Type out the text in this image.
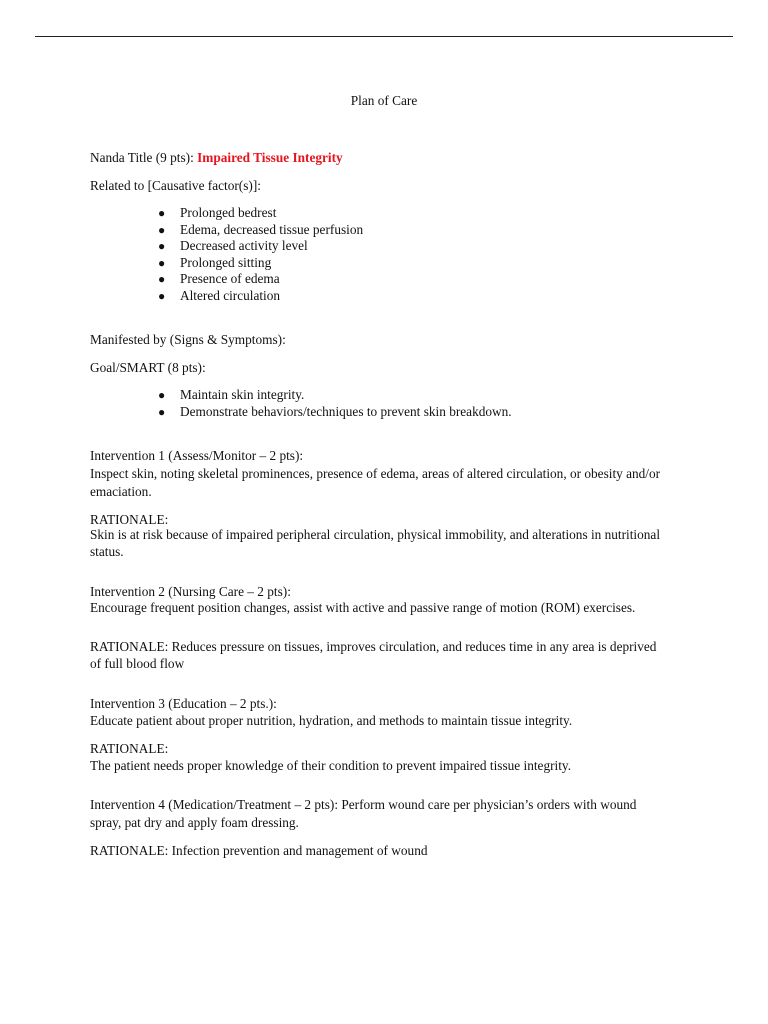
Plan of Care
Nanda Title (9 pts): Impaired Tissue Integrity
Related to [Causative factor(s)]:
● Prolonged bedrest
● Edema, decreased tissue perfusion
● Decreased activity level
● Prolonged sitting
● Presence of edema
● Altered circulation
Manifested by (Signs & Symptoms):
Goal/SMART (8 pts):
● Maintain skin integrity.
● Demonstrate behaviors/techniques to prevent skin breakdown.
Intervention 1 (Assess/Monitor – 2 pts):
Inspect skin, noting skeletal prominences, presence of edema, areas of altered circulation, or obesity and/or emaciation.
RATIONALE:
Skin is at risk because of impaired peripheral circulation, physical immobility, and alterations in nutritional status.
Intervention 2 (Nursing Care – 2 pts):
Encourage frequent position changes, assist with active and passive range of motion (ROM) exercises.
RATIONALE: Reduces pressure on tissues, improves circulation, and reduces time in any area is deprived of full blood flow
Intervention 3 (Education – 2 pts.):
Educate patient about proper nutrition, hydration, and methods to maintain tissue integrity.
RATIONALE:
The patient needs proper knowledge of their condition to prevent impaired tissue integrity.
Intervention 4 (Medication/Treatment – 2 pts): Perform wound care per physician’s orders with wound spray, pat dry and apply foam dressing.
RATIONALE: Infection prevention and management of wound
